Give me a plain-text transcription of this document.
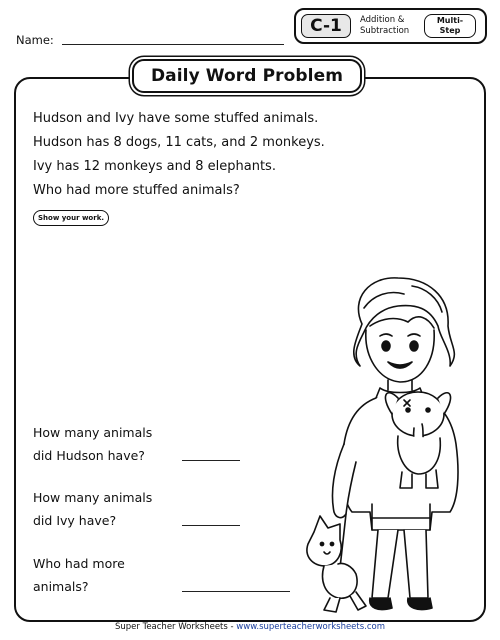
Name:
C-1	Addition &
Subtraction
Multi-
Step
Daily Word Problem

Hudson and Ivy have some stuffed animals.

Hudson has 8 dogs, 11 cats, and 2 monkeys.

Ivy has 12 monkeys and 8 elephants.

Who had more stuffed animals?

Show your work.
How many animals
did Hudson have?
How many animals
did Ivy have?
Who had more
animals?
Super Teacher Worksheets - www.superteacherworksheets.com
